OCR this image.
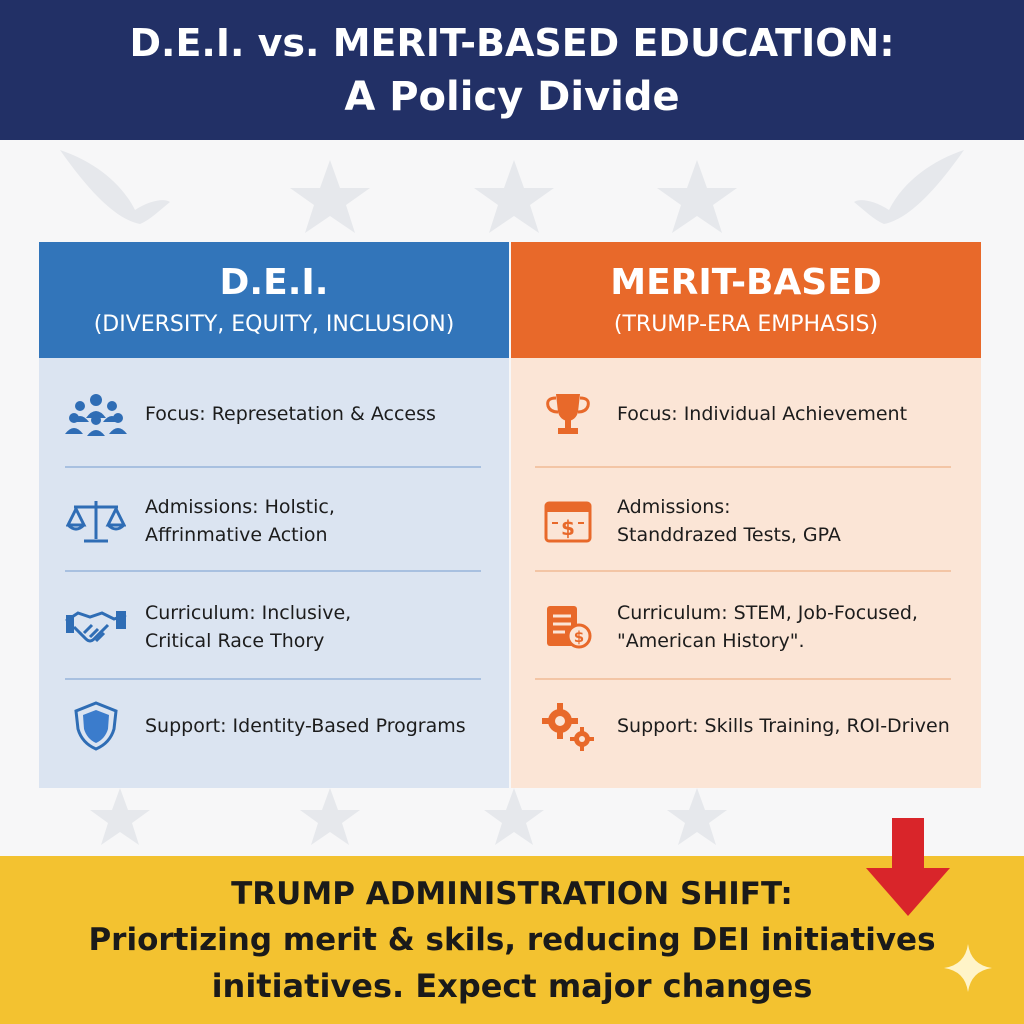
D.E.I. vs. MERIT-BASED EDUCATION:
A Policy Divide
D.E.I.
(DIVERSITY, EQUITY, INCLUSION)
Focus: Represetation & Access
Admissions: Holstic,
Affrinmative Action
Curriculum: Inclusive,
Critical Race Thory
Support: Identity-Based Programs
MERIT-BASED
(TRUMP-ERA EMPHASIS)
Focus: Individual Achievement
$
Admissions:
Standdrazed Tests, GPA
$
Curriculum: STEM, Job-Focused,
"American History".
Support: Skills Training, ROI-Driven
TRUMP ADMINISTRATION SHIFT:
Priortizing merit & skils, reducing DEI initiatives
initiatives. Expect major changes
